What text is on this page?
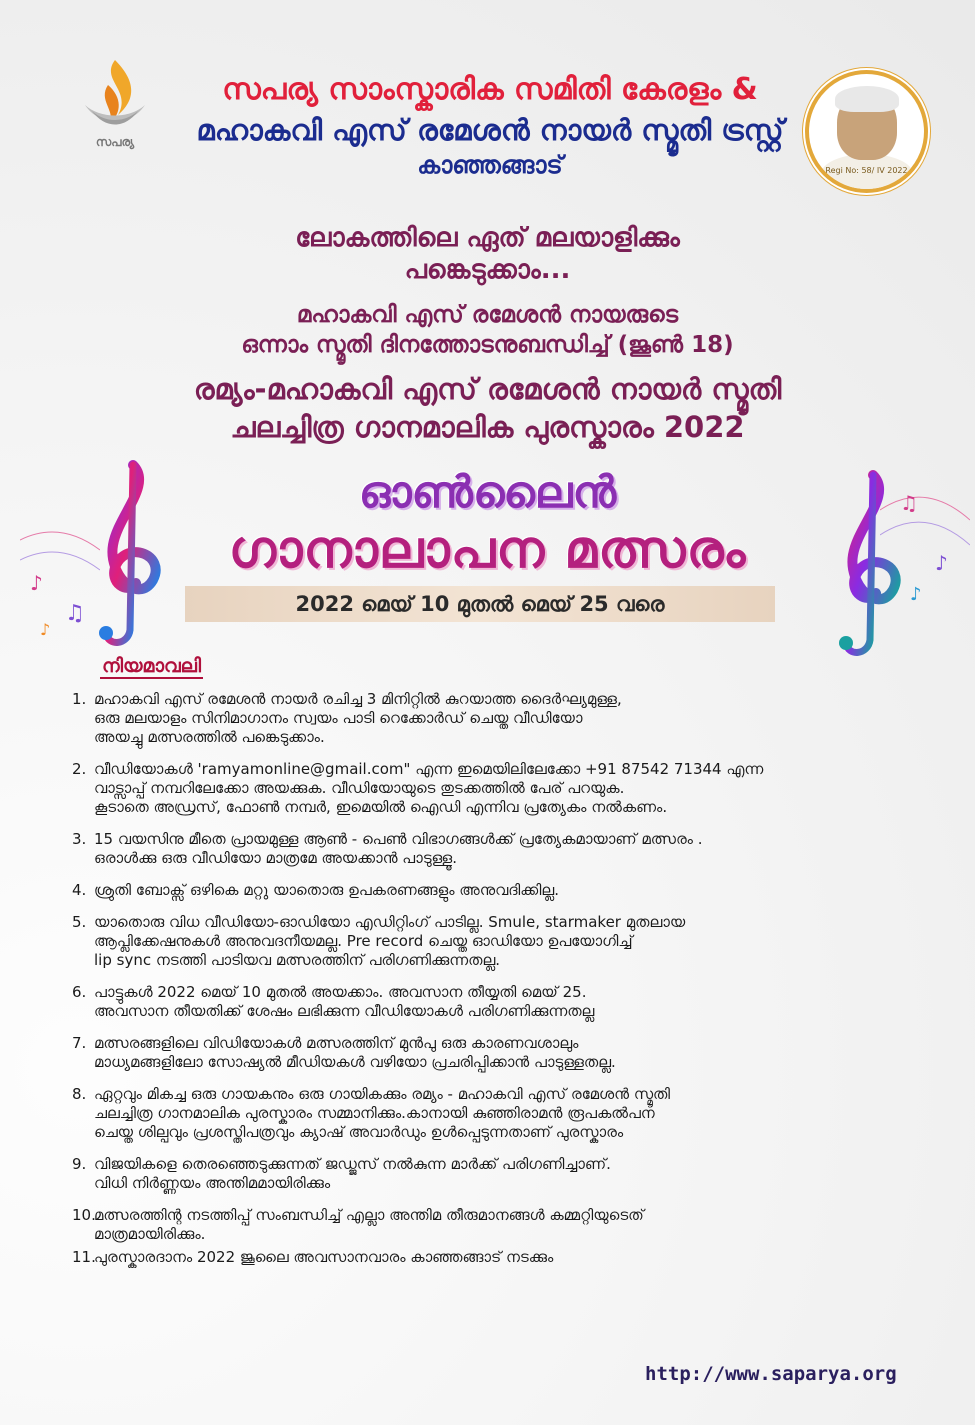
സപര്യ

സപര്യ സാംസ്കാരിക സമിതി കേരളം &

മഹാകവി എസ് രമേശൻ നായർ സ്മൃതി ട്രസ്റ്റ്

കാഞ്ഞങ്ങാട്	Regi No: 58/ IV 2022

ലോകത്തിലെ ഏത് മലയാളിക്കും

പങ്കെടുക്കാം...

മഹാകവി എസ് രമേശൻ നായരുടെ

ഒന്നാം സ്മൃതി ദിനത്തോടനുബന്ധിച്ച് (ജൂൺ 18)

രമ്യം-മഹാകവി എസ് രമേശൻ നായർ സ്മൃതി

ചലച്ചിത്ര ഗാനമാലിക പുരസ്കാരം 2022

♪
♫
♪
♫
♪
♪
ഓൺലൈൻ
ഗാനാലാപന മത്സരം
2022 മെയ് 10 മുതൽ മെയ് 25 വരെ
നിയമാവലി
1. മഹാകവി എസ് രമേശൻ നായർ രചിച്ച 3 മിനിറ്റിൽ കുറയാത്ത ദൈർഘ്യമുള്ള,
ഒരു മലയാളം സിനിമാഗാനം സ്വയം പാടി റെക്കോർഡ് ചെയ്ത വീഡിയോ
അയച്ചു മത്സരത്തിൽ പങ്കെടുക്കാം.
2. വീഡിയോകൾ 'ramyamonline@gmail.com" എന്ന ഇമെയിലിലേക്കോ +91 87542 71344 എന്ന
വാട്സാപ്പ് നമ്പറിലേക്കോ അയക്കുക. വീഡിയോയുടെ തുടക്കത്തിൽ പേര് പറയുക.
കൂടാതെ അഡ്രസ്, ഫോൺ നമ്പർ, ഇമെയിൽ ഐഡി എന്നിവ പ്രത്യേകം നൽകണം.
3. 15 വയസിനു മീതെ പ്രായമുള്ള ആൺ - പെൺ വിഭാഗങ്ങൾക്ക് പ്രത്യേകമായാണ് മത്സരം .
ഒരാൾക്കു ഒരു വീഡിയോ മാത്രമേ അയക്കാൻ പാടുള്ളൂ.
4. ശ്രുതി ബോക്സ് ഒഴികെ മറ്റു യാതൊരു ഉപകരണങ്ങളും അനുവദിക്കില്ല.
5. യാതൊരു വിധ വീഡിയോ-ഓഡിയോ എഡിറ്റിംഗ് പാടില്ല. Smule, starmaker മുതലായ
ആപ്ലിക്കേഷനുകൾ അനുവദനീയമല്ല. Pre record ചെയ്ത ഓഡിയോ ഉപയോഗിച്ച്
lip sync നടത്തി പാടിയവ മത്സരത്തിന് പരിഗണിക്കുന്നതല്ല.
6. പാട്ടുകൾ 2022 മെയ് 10 മുതൽ അയക്കാം. അവസാന തീയ്യതി മെയ് 25.
അവസാന തീയതിക്ക് ശേഷം ലഭിക്കുന്ന വീഡിയോകൾ പരിഗണിക്കുന്നതല്ല
7. മത്സരങ്ങളിലെ വിഡിയോകൾ മത്സരത്തിന് മുൻപു ഒരു കാരണവശാലും
മാധ്യമങ്ങളിലോ സോഷ്യൽ മീഡിയകൾ വഴിയോ പ്രചരിപ്പിക്കാൻ പാടുള്ളതല്ല.
8. ഏറ്റവും മികച്ച ഒരു ഗായകനും ഒരു ഗായികക്കും രമ്യം - മഹാകവി എസ് രമേശൻ സ്മൃതി
ചലച്ചിത്ര ഗാനമാലിക പുരസ്കാരം സമ്മാനിക്കും.കാനായി കുഞ്ഞിരാമൻ രൂപകൽപന
ചെയ്ത ശില്പവും പ്രശസ്തിപത്രവും ക്യാഷ് അവാർഡും ഉൾപ്പെടുന്നതാണ് പുരസ്കാരം
9. വിജയികളെ തെരഞ്ഞെടുക്കുന്നത് ജഡ്ജസ് നൽകുന്ന മാർക്ക് പരിഗണിച്ചാണ്.
വിധി നിർണ്ണയം അന്തിമമായിരിക്കും
10.
മത്സരത്തിന്റ നടത്തിപ്പ് സംബന്ധിച്ച് എല്ലാ അന്തിമ തീരുമാനങ്ങൾ കമ്മറ്റിയുടെത്
മാത്രമായിരിക്കും.
11.
പുരസ്കാരദാനം 2022 ജൂലൈ അവസാനവാരം കാഞ്ഞങ്ങാട് നടക്കും
http://www.saparya.org
